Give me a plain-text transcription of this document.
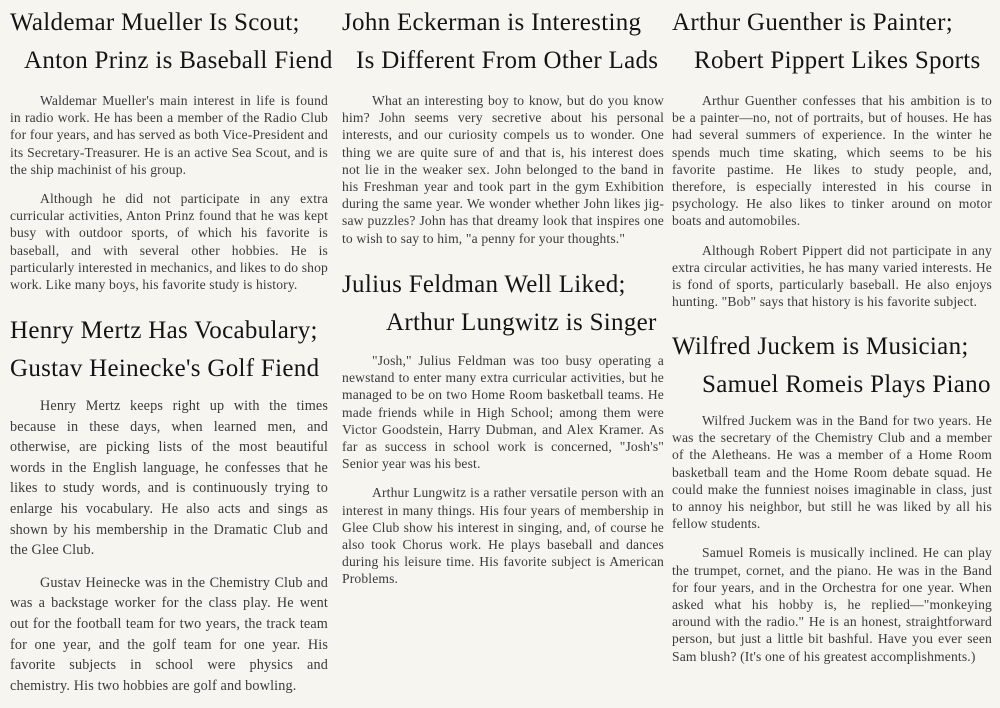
Waldemar Mueller Is Scout;
Anton Prinz is Baseball Fiend

Waldemar Mueller's main interest in life is found in radio work. He has been a member of the Radio Club for four years, and has served as both Vice-President and its Secretary-Treasurer. He is an active Sea Scout, and is the ship machinist of his group.

Although he did not participate in any extra curricular activities, Anton Prinz found that he was kept busy with outdoor sports, of which his favorite is baseball, and with several other hobbies. He is particularly interested in mechanics, and likes to do shop work. Like many boys, his favorite study is history.

Henry Mertz Has Vocabulary;
Gustav Heinecke's Golf Fiend

Henry Mertz keeps right up with the times because in these days, when learned men, and otherwise, are picking lists of the most beautiful words in the English language, he confesses that he likes to study words, and is continuously trying to enlarge his vocabulary. He also acts and sings as shown by his membership in the Dramatic Club and the Glee Club.

Gustav Heinecke was in the Chemistry Club and was a backstage worker for the class play. He went out for the football team for two years, the track team for one year, and the golf team for one year. His favorite subjects in school were physics and chemistry. His two hobbies are golf and bowling.

John Eckerman is Interesting
Is Different From Other Lads

What an interesting boy to know, but do you know him? John seems very secretive about his personal interests, and our curiosity compels us to wonder. One thing we are quite sure of and that is, his interest does not lie in the weaker sex. John belonged to the band in his Freshman year and took part in the gym Exhibition during the same year. We wonder whether John likes jig-saw puzzles? John has that dreamy look that inspires one to wish to say to him, "a penny for your thoughts."

Julius Feldman Well Liked;
Arthur Lungwitz is Singer

"Josh," Julius Feldman was too busy operating a newstand to enter many extra curricular activities, but he managed to be on two Home Room basketball teams. He made friends while in High School; among them were Victor Goodstein, Harry Dubman, and Alex Kramer. As far as success in school work is concerned, "Josh's" Senior year was his best.

Arthur Lungwitz is a rather versatile person with an interest in many things. His four years of membership in Glee Club show his interest in singing, and, of course he also took Chorus work. He plays baseball and dances during his leisure time. His favorite subject is American Problems.

Arthur Guenther is Painter;
Robert Pippert Likes Sports

Arthur Guenther confesses that his ambition is to be a painter—no, not of portraits, but of houses. He has had several summers of experience. In the winter he spends much time skating, which seems to be his favorite pastime. He likes to study people, and, therefore, is especially interested in his course in psychology. He also likes to tinker around on motor boats and automobiles.

Although Robert Pippert did not participate in any extra circular activities, he has many varied interests. He is fond of sports, particularly baseball. He also enjoys hunting. "Bob" says that history is his favorite subject.

Wilfred Juckem is Musician;
Samuel Romeis Plays Piano

Wilfred Juckem was in the Band for two years. He was the secretary of the Chemistry Club and a member of the Aletheans. He was a member of a Home Room basketball team and the Home Room debate squad. He could make the funniest noises imaginable in class, just to annoy his neighbor, but still he was liked by all his fellow students.

Samuel Romeis is musically inclined. He can play the trumpet, cornet, and the piano. He was in the Band for four years, and in the Orchestra for one year. When asked what his hobby is, he replied—"monkeying around with the radio." He is an honest, straightforward person, but just a little bit bashful. Have you ever seen Sam blush? (It's one of his greatest accomplishments.)
